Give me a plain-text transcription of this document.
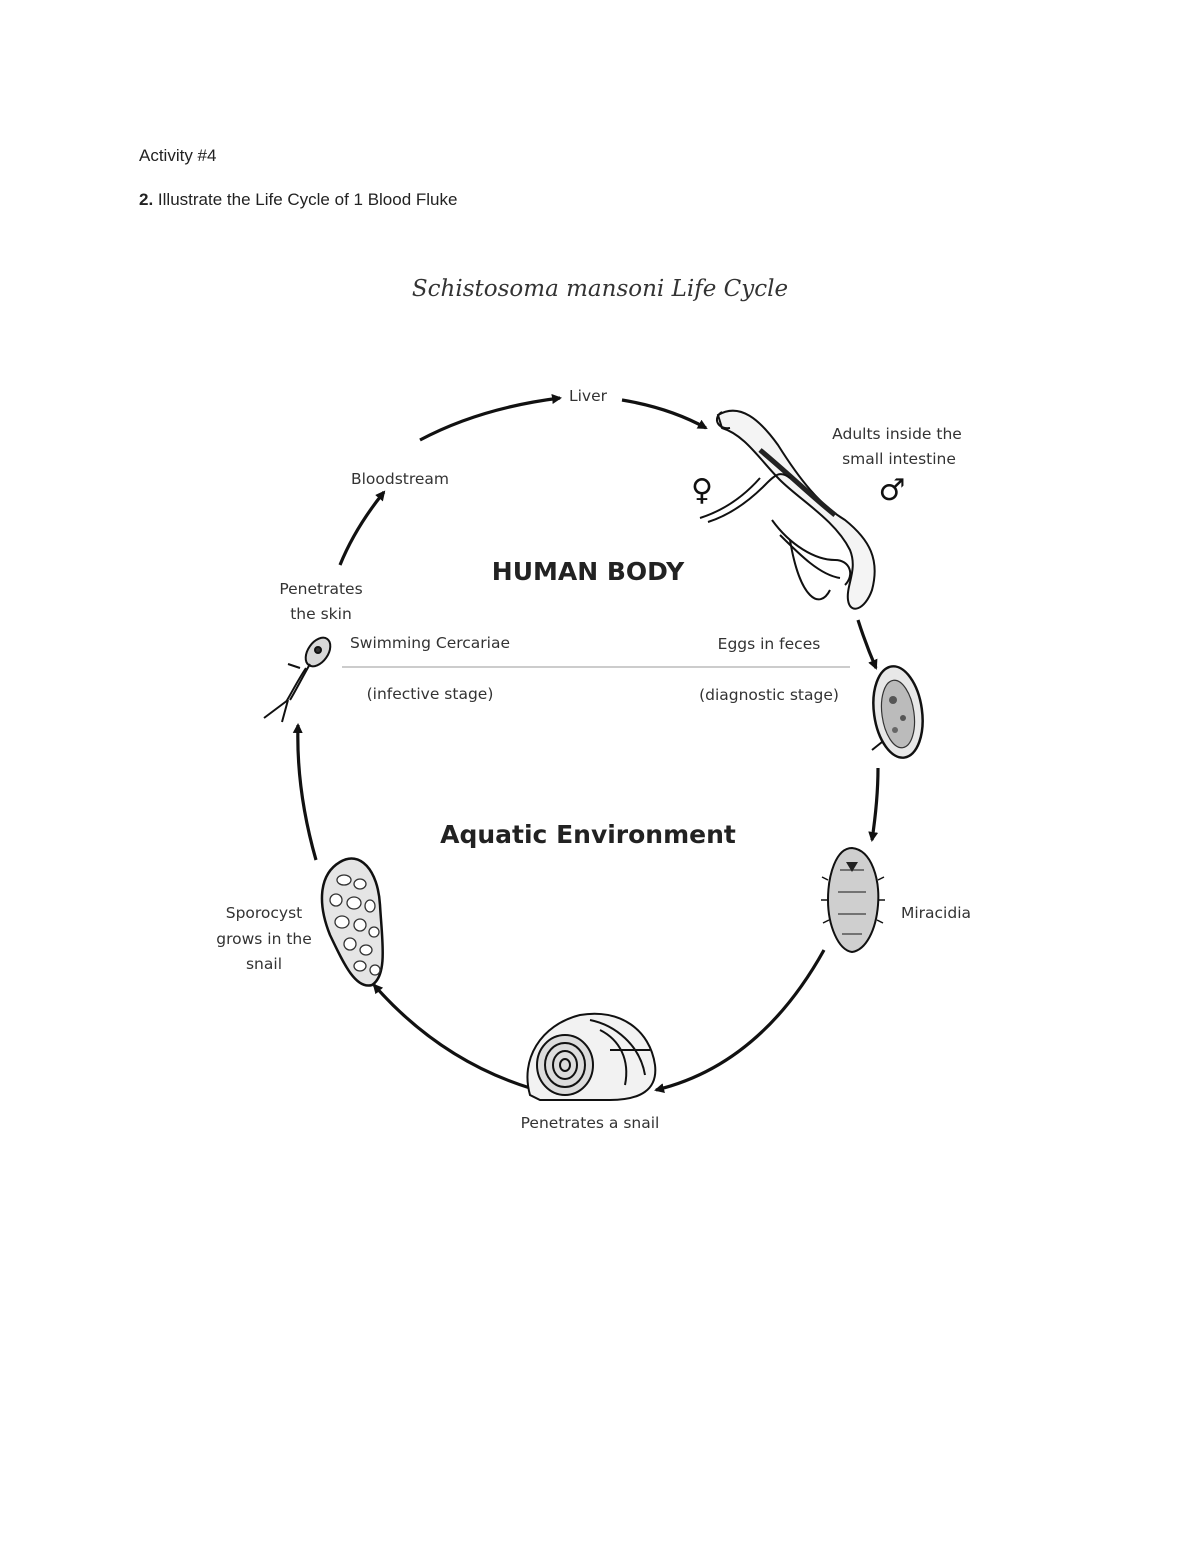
Activity #4

2. Illustrate the Life Cycle of 1 Blood Fluke

Schistosoma mansoni Life Cycle

HUMAN BODY
Aquatic Environment
Liver
Adults inside the
small intestine
♀	♂
Bloodstream
Penetrates
the skin
Swimming Cercariae
(infective stage)
Eggs in feces
(diagnostic stage)
Miracidia
Sporocyst
grows in the
snail
Penetrates a snail
